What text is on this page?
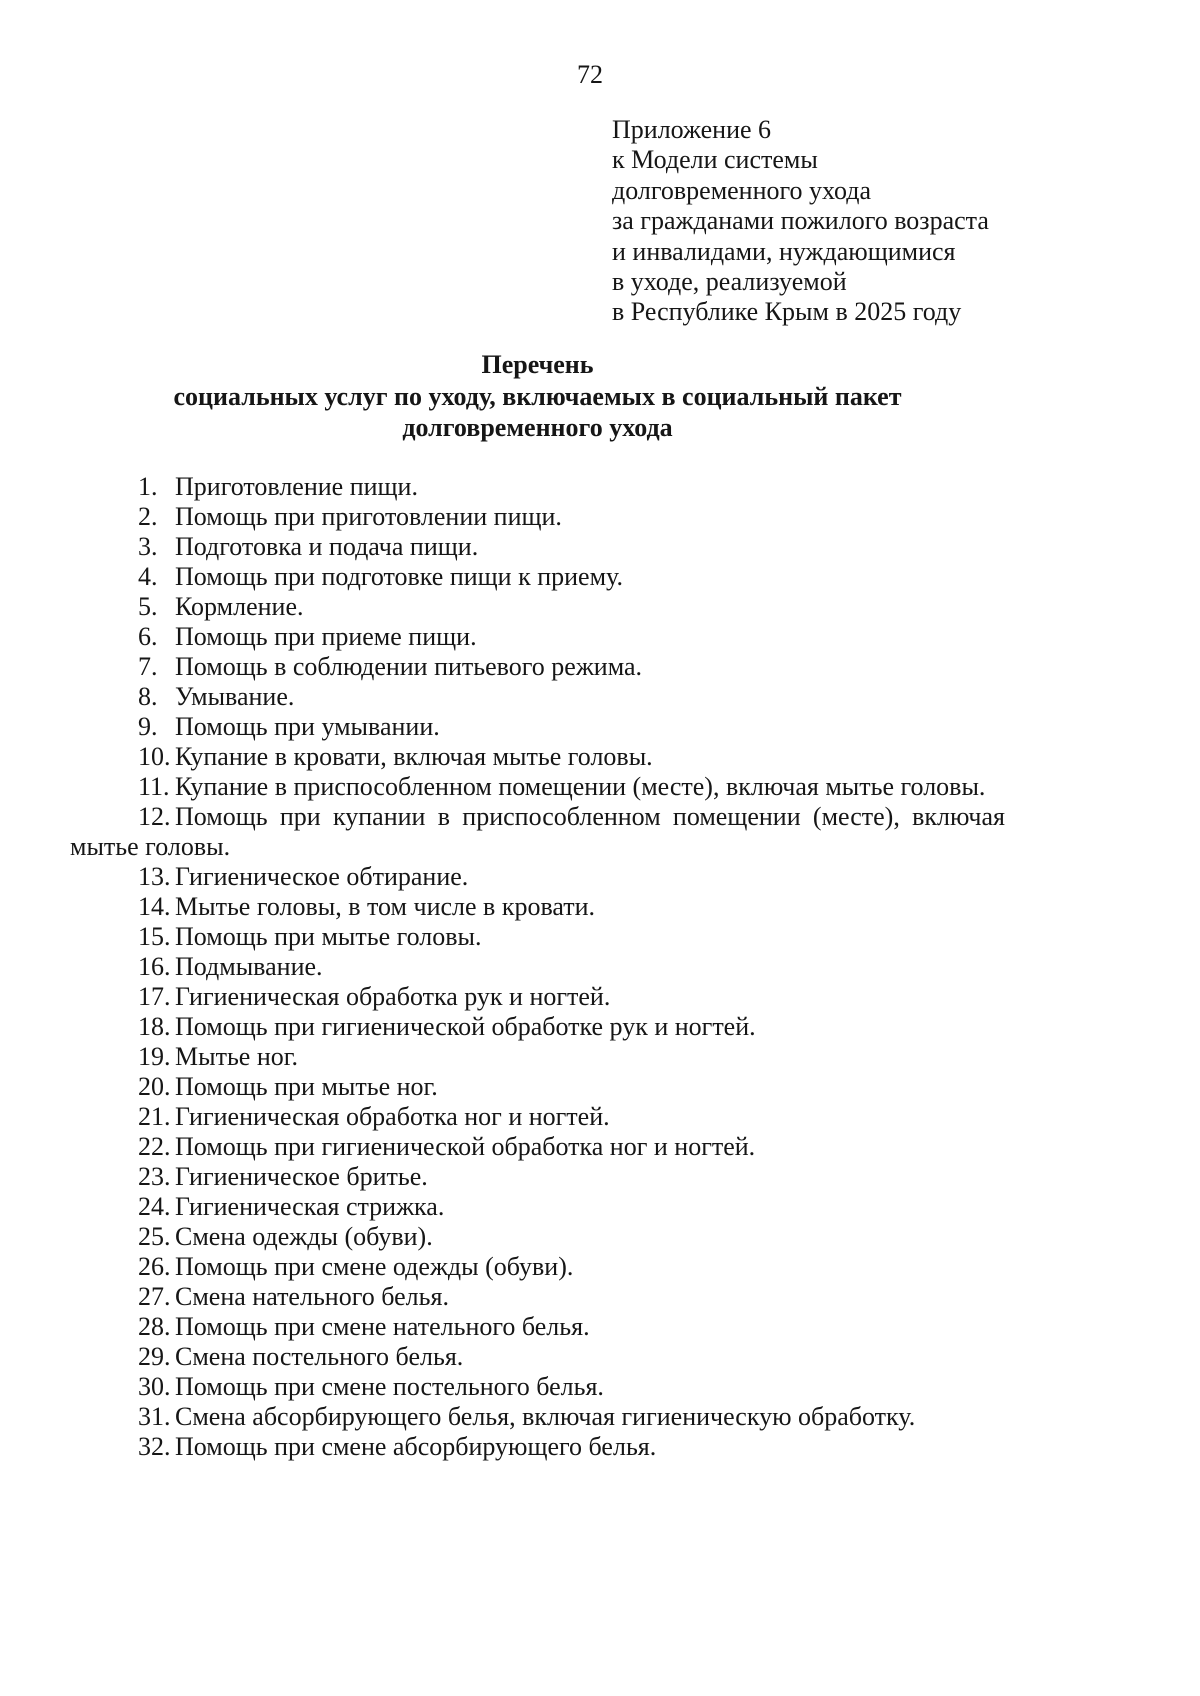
72
Приложение 6
к Модели системы
долговременного ухода
за гражданами пожилого возраста
и инвалидами, нуждающимися
в уходе, реализуемой
в Республике Крым в 2025 году
Перечень
социальных услуг по уходу, включаемых в социальный пакет
долговременного ухода

1. Приготовление пищи.

2. Помощь при приготовлении пищи.

3. Подготовка и подача пищи.

4. Помощь при подготовке пищи к приему.

5. Кормление.

6. Помощь при приеме пищи.

7. Помощь в соблюдении питьевого режима.

8. Умывание.

9. Помощь при умывании.

10. Купание в кровати, включая мытье головы.

11. Купание в приспособленном помещении (месте), включая мытье головы.

12. Помощь при купании в приспособленном помещении (месте), включая мытье головы.

13. Гигиеническое обтирание.

14. Мытье головы, в том числе в кровати.

15. Помощь при мытье головы.

16. Подмывание.

17. Гигиеническая обработка рук и ногтей.

18. Помощь при гигиенической обработке рук и ногтей.

19. Мытье ног.

20. Помощь при мытье ног.

21. Гигиеническая обработка ног и ногтей.

22. Помощь при гигиенической обработка ног и ногтей.

23. Гигиеническое бритье.

24. Гигиеническая стрижка.

25. Смена одежды (обуви).

26. Помощь при смене одежды (обуви).

27. Смена нательного белья.

28. Помощь при смене нательного белья.

29. Смена постельного белья.

30. Помощь при смене постельного белья.

31. Смена абсорбирующего белья, включая гигиеническую обработку.

32. Помощь при смене абсорбирующего белья.
